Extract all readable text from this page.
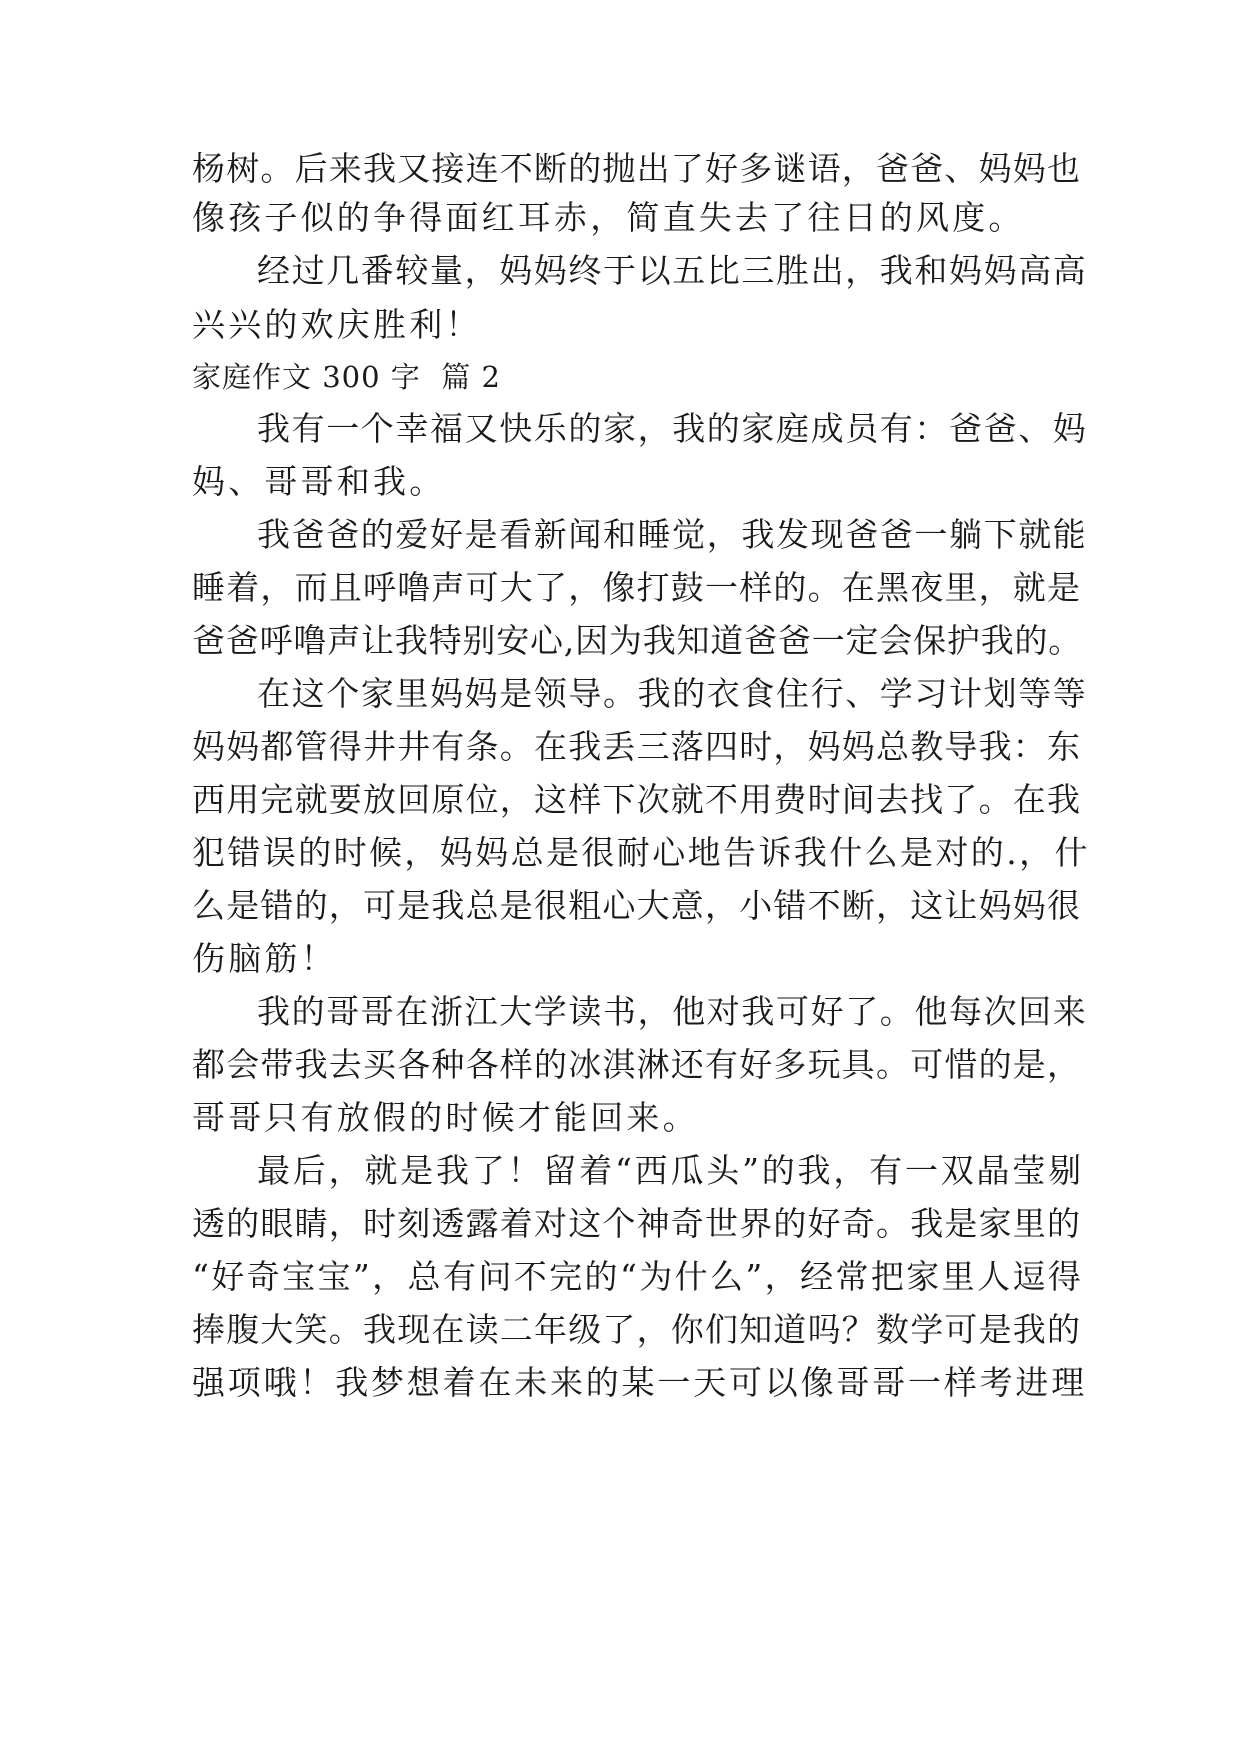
杨树。后来我又接连不断的抛出了好多谜语，爸爸、妈妈也
像孩子似的争得面红耳赤，简直失去了往日的风度。
经过几番较量，妈妈终于以五比三胜出，我和妈妈高高
兴兴的欢庆胜利！
家庭作文 300 字  篇 2
我有一个幸福又快乐的家，我的家庭成员有：爸爸、妈
妈、哥哥和我。
我爸爸的爱好是看新闻和睡觉，我发现爸爸一躺下就能
睡着，而且呼噜声可大了，像打鼓一样的。在黑夜里，就是
爸爸呼噜声让我特别安心,因为我知道爸爸一定会保护我的。
在这个家里妈妈是领导。我的衣食住行、学习计划等等
妈妈都管得井井有条。在我丢三落四时，妈妈总教导我：东
西用完就要放回原位，这样下次就不用费时间去找了。在我
犯错误的时候，妈妈总是很耐心地告诉我什么是对的.，什
么是错的，可是我总是很粗心大意，小错不断，这让妈妈很
伤脑筋！
我的哥哥在浙江大学读书，他对我可好了。他每次回来
都会带我去买各种各样的冰淇淋还有好多玩具。可惜的是，
哥哥只有放假的时候才能回来。
最后，就是我了！留着“西瓜头”的我，有一双晶莹剔
透的眼睛，时刻透露着对这个神奇世界的好奇。我是家里的
“好奇宝宝”，总有问不完的“为什么”，经常把家里人逗得
捧腹大笑。我现在读二年级了，你们知道吗？数学可是我的
强项哦！我梦想着在未来的某一天可以像哥哥一样考进理
